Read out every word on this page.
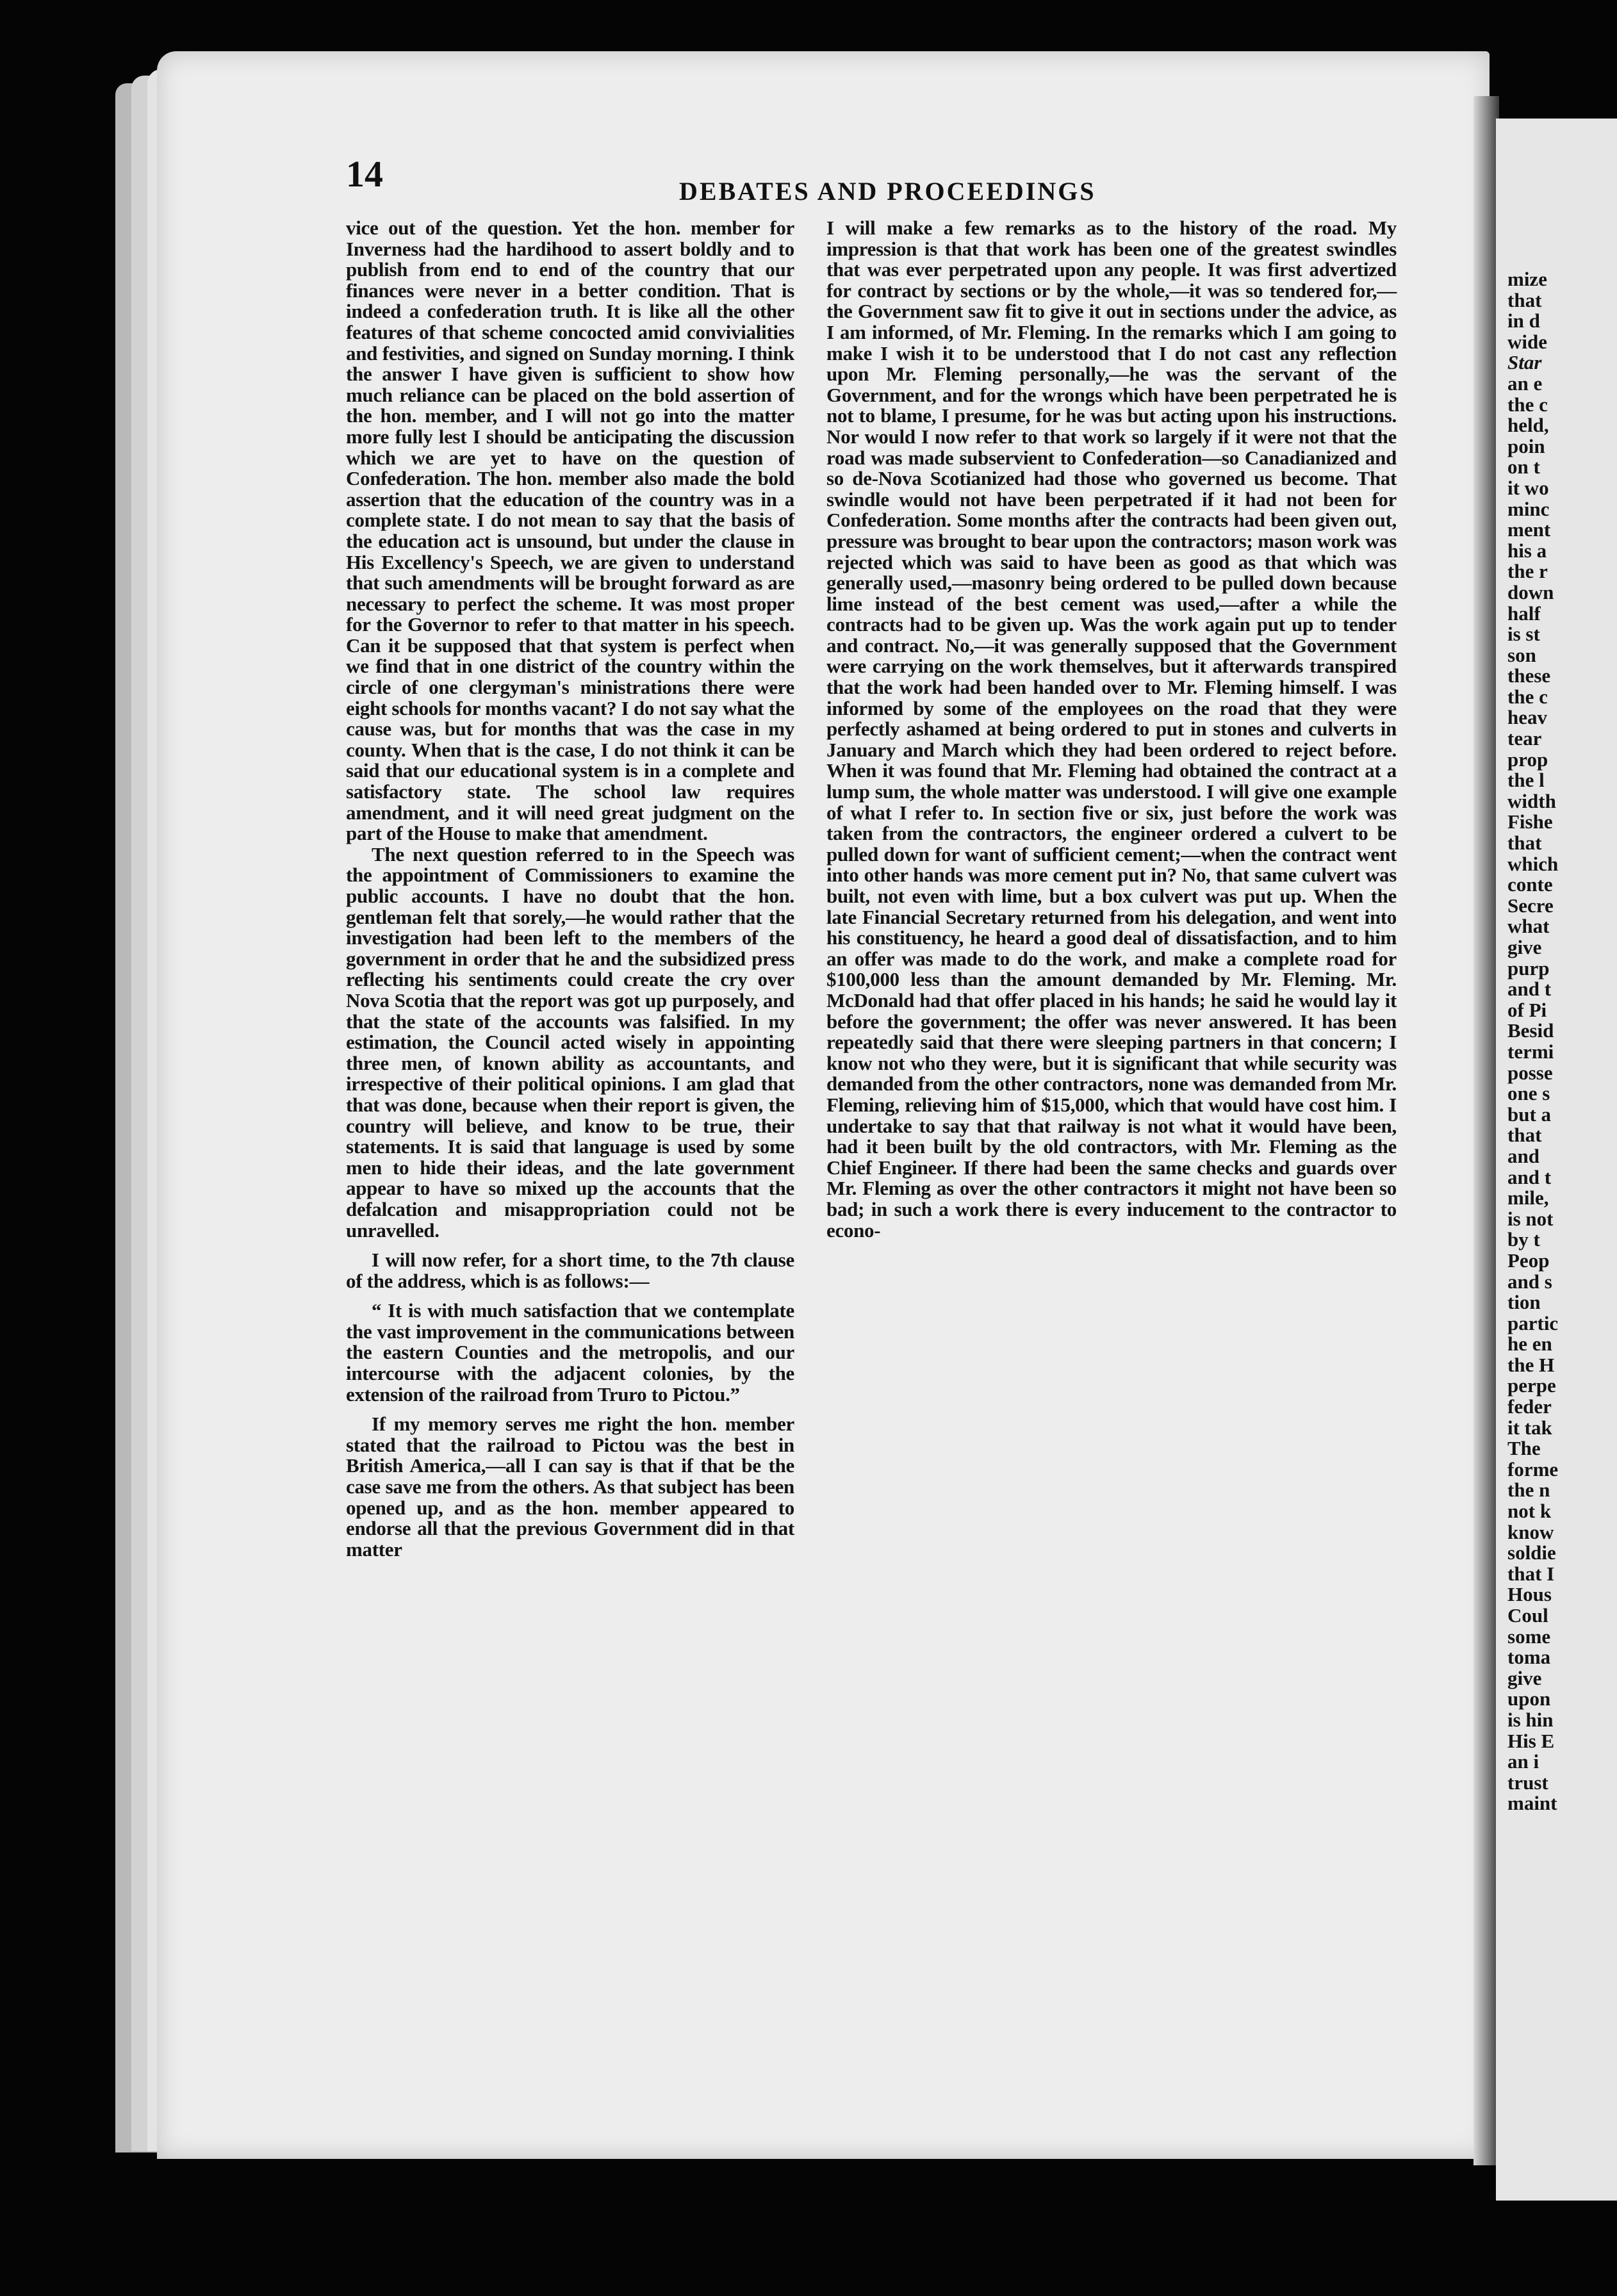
mize
that
in d
wide
Star
an e
the c
held,
poin
on t
it wo
minc
ment
his a
the r
down
half
is st
son
these
the c
heav
tear
prop
the l
width
Fishe
that
which
conte
Secre
what
give
purp
and t
of Pi
Besid
termi
posse
one s
but a
that
and
and t
mile,
is not
by t
Peop
and s
tion
partic
he en
the H
perpe
feder
it tak
The
forme
the n
not k
know
soldie
that I
Hous
Coul
some
toma
give
upon
is hin
His E
an i
trust
maint
14	DEBATES AND PROCEEDINGS

vice out of the question. Yet the hon. member for Inverness had the hardihood to assert boldly and to publish from end to end of the country that our finances were never in a better condition. That is indeed a confederation truth. It is like all the other features of that scheme concocted amid convivialities and festivities, and signed on Sunday morning. I think the answer I have given is sufficient to show how much reliance can be placed on the bold assertion of the hon. member, and I will not go into the matter more fully lest I should be anticipating the discussion which we are yet to have on the question of Confederation. The hon. member also made the bold assertion that the education of the country was in a complete state. I do not mean to say that the basis of the education act is unsound, but under the clause in His Excellency's Speech, we are given to understand that such amendments will be brought forward as are necessary to perfect the scheme. It was most proper for the Governor to refer to that matter in his speech. Can it be supposed that that system is perfect when we find that in one district of the country within the circle of one clergyman's ministrations there were eight schools for months vacant? I do not say what the cause was, but for months that was the case in my county. When that is the case, I do not think it can be said that our educational system is in a complete and satisfactory state. The school law requires amendment, and it will need great judgment on the part of the House to make that amendment.

The next question referred to in the Speech was the appointment of Commissioners to examine the public accounts. I have no doubt that the hon. gentleman felt that sorely,—he would rather that the investigation had been left to the members of the government in order that he and the subsidized press reflecting his sentiments could create the cry over Nova Scotia that the report was got up purposely, and that the state of the accounts was falsified. In my estimation, the Council acted wisely in appointing three men, of known ability as accountants, and irrespective of their political opinions. I am glad that that was done, because when their report is given, the country will believe, and know to be true, their statements. It is said that language is used by some men to hide their ideas, and the late government appear to have so mixed up the accounts that the defalcation and misappropriation could not be unravelled.

I will now refer, for a short time, to the 7th clause of the address, which is as follows:—

“ It is with much satisfaction that we contemplate the vast improvement in the communications between the eastern Counties and the metropolis, and our intercourse with the adjacent colonies, by the extension of the railroad from Truro to Pictou.”

If my memory serves me right the hon. member stated that the railroad to Pictou was the best in British America,—all I can say is that if that be the case save me from the others. As that subject has been opened up, and as the hon. member appeared to endorse all that the previous Government did in that matter

I will make a few remarks as to the history of the road. My impression is that that work has been one of the greatest swindles that was ever perpetrated upon any people. It was first advertized for contract by sections or by the whole,—it was so tendered for,—the Government saw fit to give it out in sections under the advice, as I am informed, of Mr. Fleming. In the remarks which I am going to make I wish it to be understood that I do not cast any reflection upon Mr. Fleming personally,—he was the servant of the Government, and for the wrongs which have been perpetrated he is not to blame, I presume, for he was but acting upon his instructions. Nor would I now refer to that work so largely if it were not that the road was made subservient to Confederation—so Canadianized and so de-Nova Scotianized had those who governed us become. That swindle would not have been perpetrated if it had not been for Confederation. Some months after the contracts had been given out, pressure was brought to bear upon the contractors; mason work was rejected which was said to have been as good as that which was generally used,—masonry being ordered to be pulled down because lime instead of the best cement was used,—after a while the contracts had to be given up. Was the work again put up to tender and contract. No,—it was generally supposed that the Government were carrying on the work themselves, but it afterwards transpired that the work had been handed over to Mr. Fleming himself. I was informed by some of the employees on the road that they were perfectly ashamed at being ordered to put in stones and culverts in January and March which they had been ordered to reject before. When it was found that Mr. Fleming had obtained the contract at a lump sum, the whole matter was understood. I will give one example of what I refer to. In section five or six, just before the work was taken from the contractors, the engineer ordered a culvert to be pulled down for want of sufficient cement;—when the contract went into other hands was more cement put in? No, that same culvert was built, not even with lime, but a box culvert was put up. When the late Financial Secretary returned from his delegation, and went into his constituency, he heard a good deal of dissatisfaction, and to him an offer was made to do the work, and make a complete road for $100,000 less than the amount demanded by Mr. Fleming. Mr. McDonald had that offer placed in his hands; he said he would lay it before the government; the offer was never answered. It has been repeatedly said that there were sleeping partners in that concern; I know not who they were, but it is significant that while security was demanded from the other contractors, none was demanded from Mr. Fleming, relieving him of $15,000, which that would have cost him. I undertake to say that that railway is not what it would have been, had it been built by the old contractors, with Mr. Fleming as the Chief Engineer. If there had been the same checks and guards over Mr. Fleming as over the other contractors it might not have been so bad; in such a work there is every inducement to the contractor to econo-
